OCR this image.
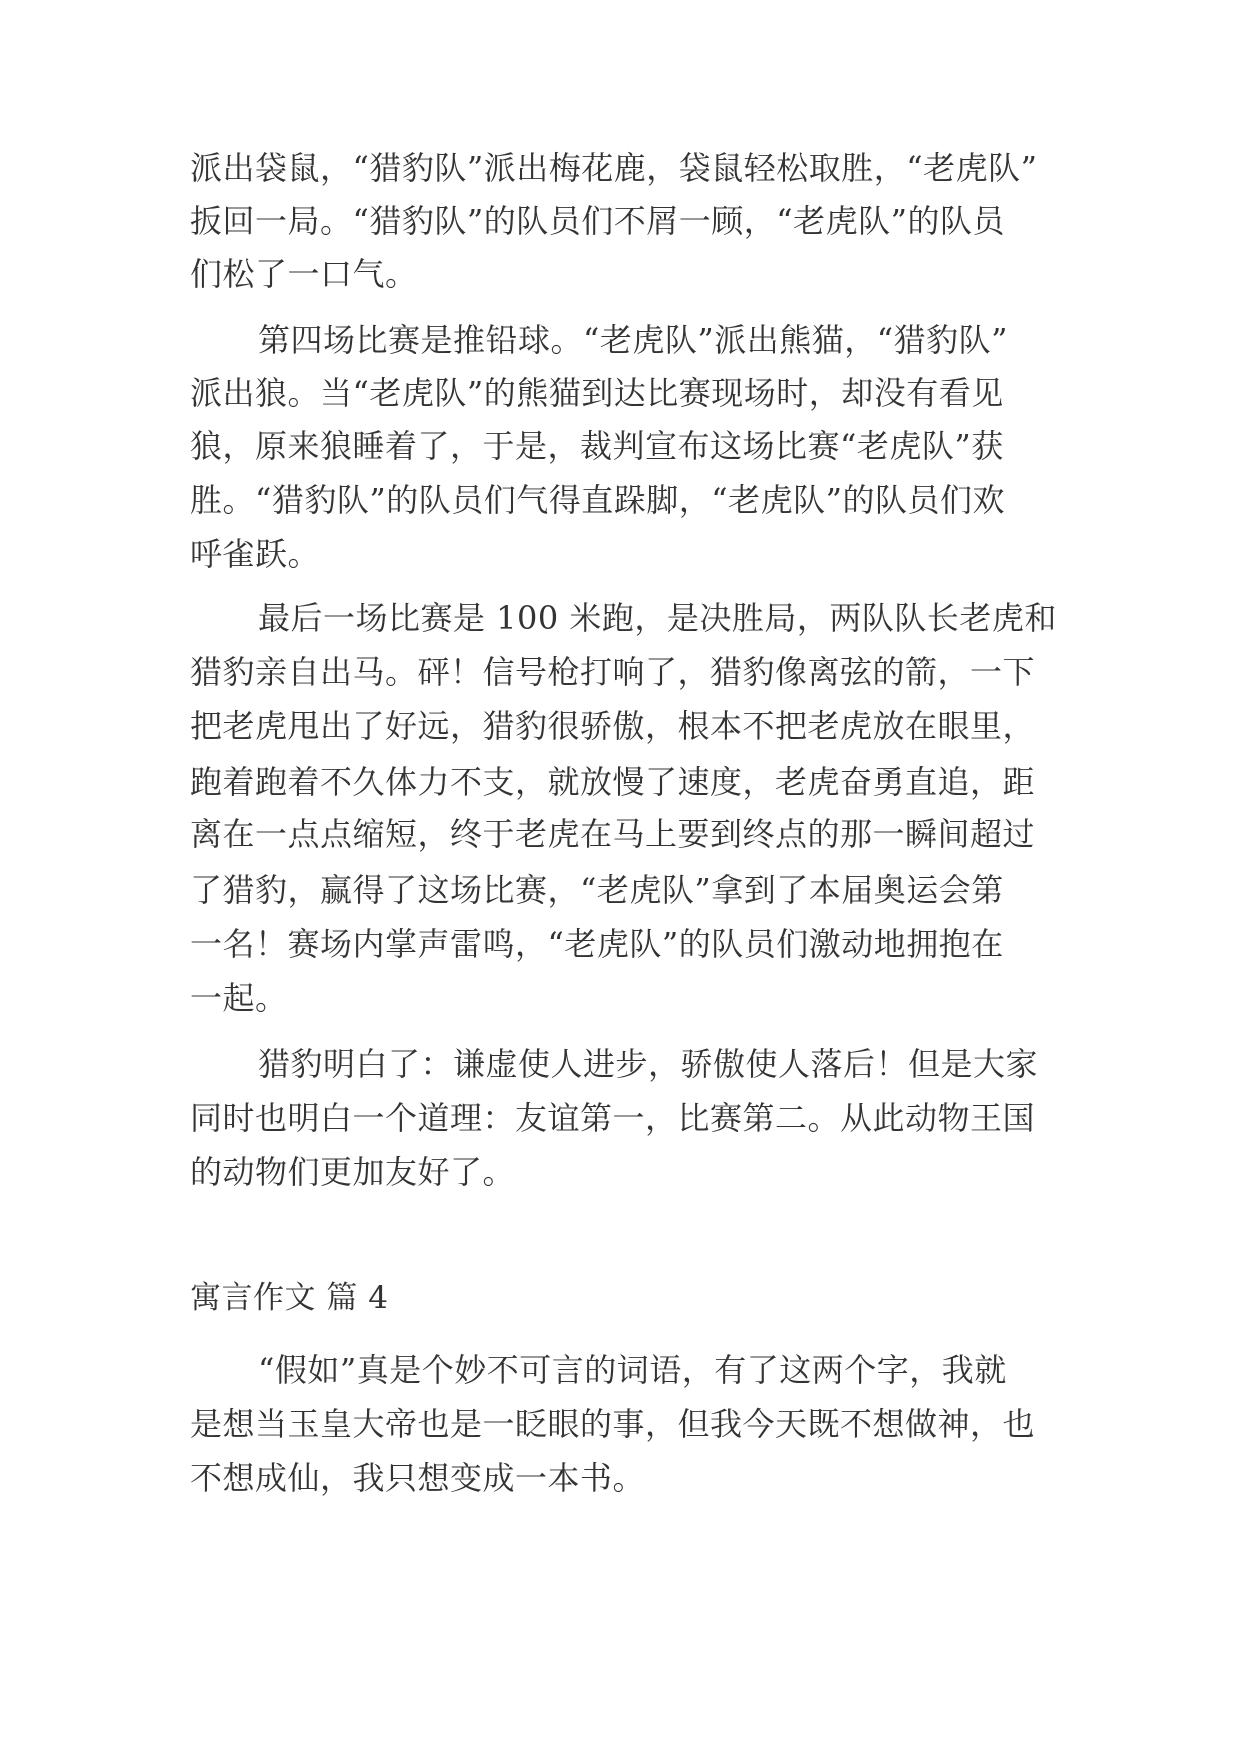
派出袋鼠，“猎豹队”派出梅花鹿，袋鼠轻松取胜，“老虎队”
扳回一局。“猎豹队”的队员们不屑一顾，“老虎队”的队员
们松了一口气。
第四场比赛是推铅球。“老虎队”派出熊猫，“猎豹队”
派出狼。当“老虎队”的熊猫到达比赛现场时，却没有看见
狼，原来狼睡着了，于是，裁判宣布这场比赛“老虎队”获
胜。“猎豹队”的队员们气得直跺脚，“老虎队”的队员们欢
呼雀跃。
最后一场比赛是 100 米跑，是决胜局，两队队长老虎和
猎豹亲自出马。砰！信号枪打响了，猎豹像离弦的箭，一下
把老虎甩出了好远，猎豹很骄傲，根本不把老虎放在眼里，
跑着跑着不久体力不支，就放慢了速度，老虎奋勇直追，距
离在一点点缩短，终于老虎在马上要到终点的那一瞬间超过
了猎豹，赢得了这场比赛，“老虎队”拿到了本届奥运会第
一名！赛场内掌声雷鸣，“老虎队”的队员们激动地拥抱在
一起。
猎豹明白了：谦虚使人进步，骄傲使人落后！但是大家
同时也明白一个道理：友谊第一，比赛第二。从此动物王国
的动物们更加友好了。
寓言作文 篇 4
“假如”真是个妙不可言的词语，有了这两个字，我就
是想当玉皇大帝也是一眨眼的事，但我今天既不想做神，也
不想成仙，我只想变成一本书。
